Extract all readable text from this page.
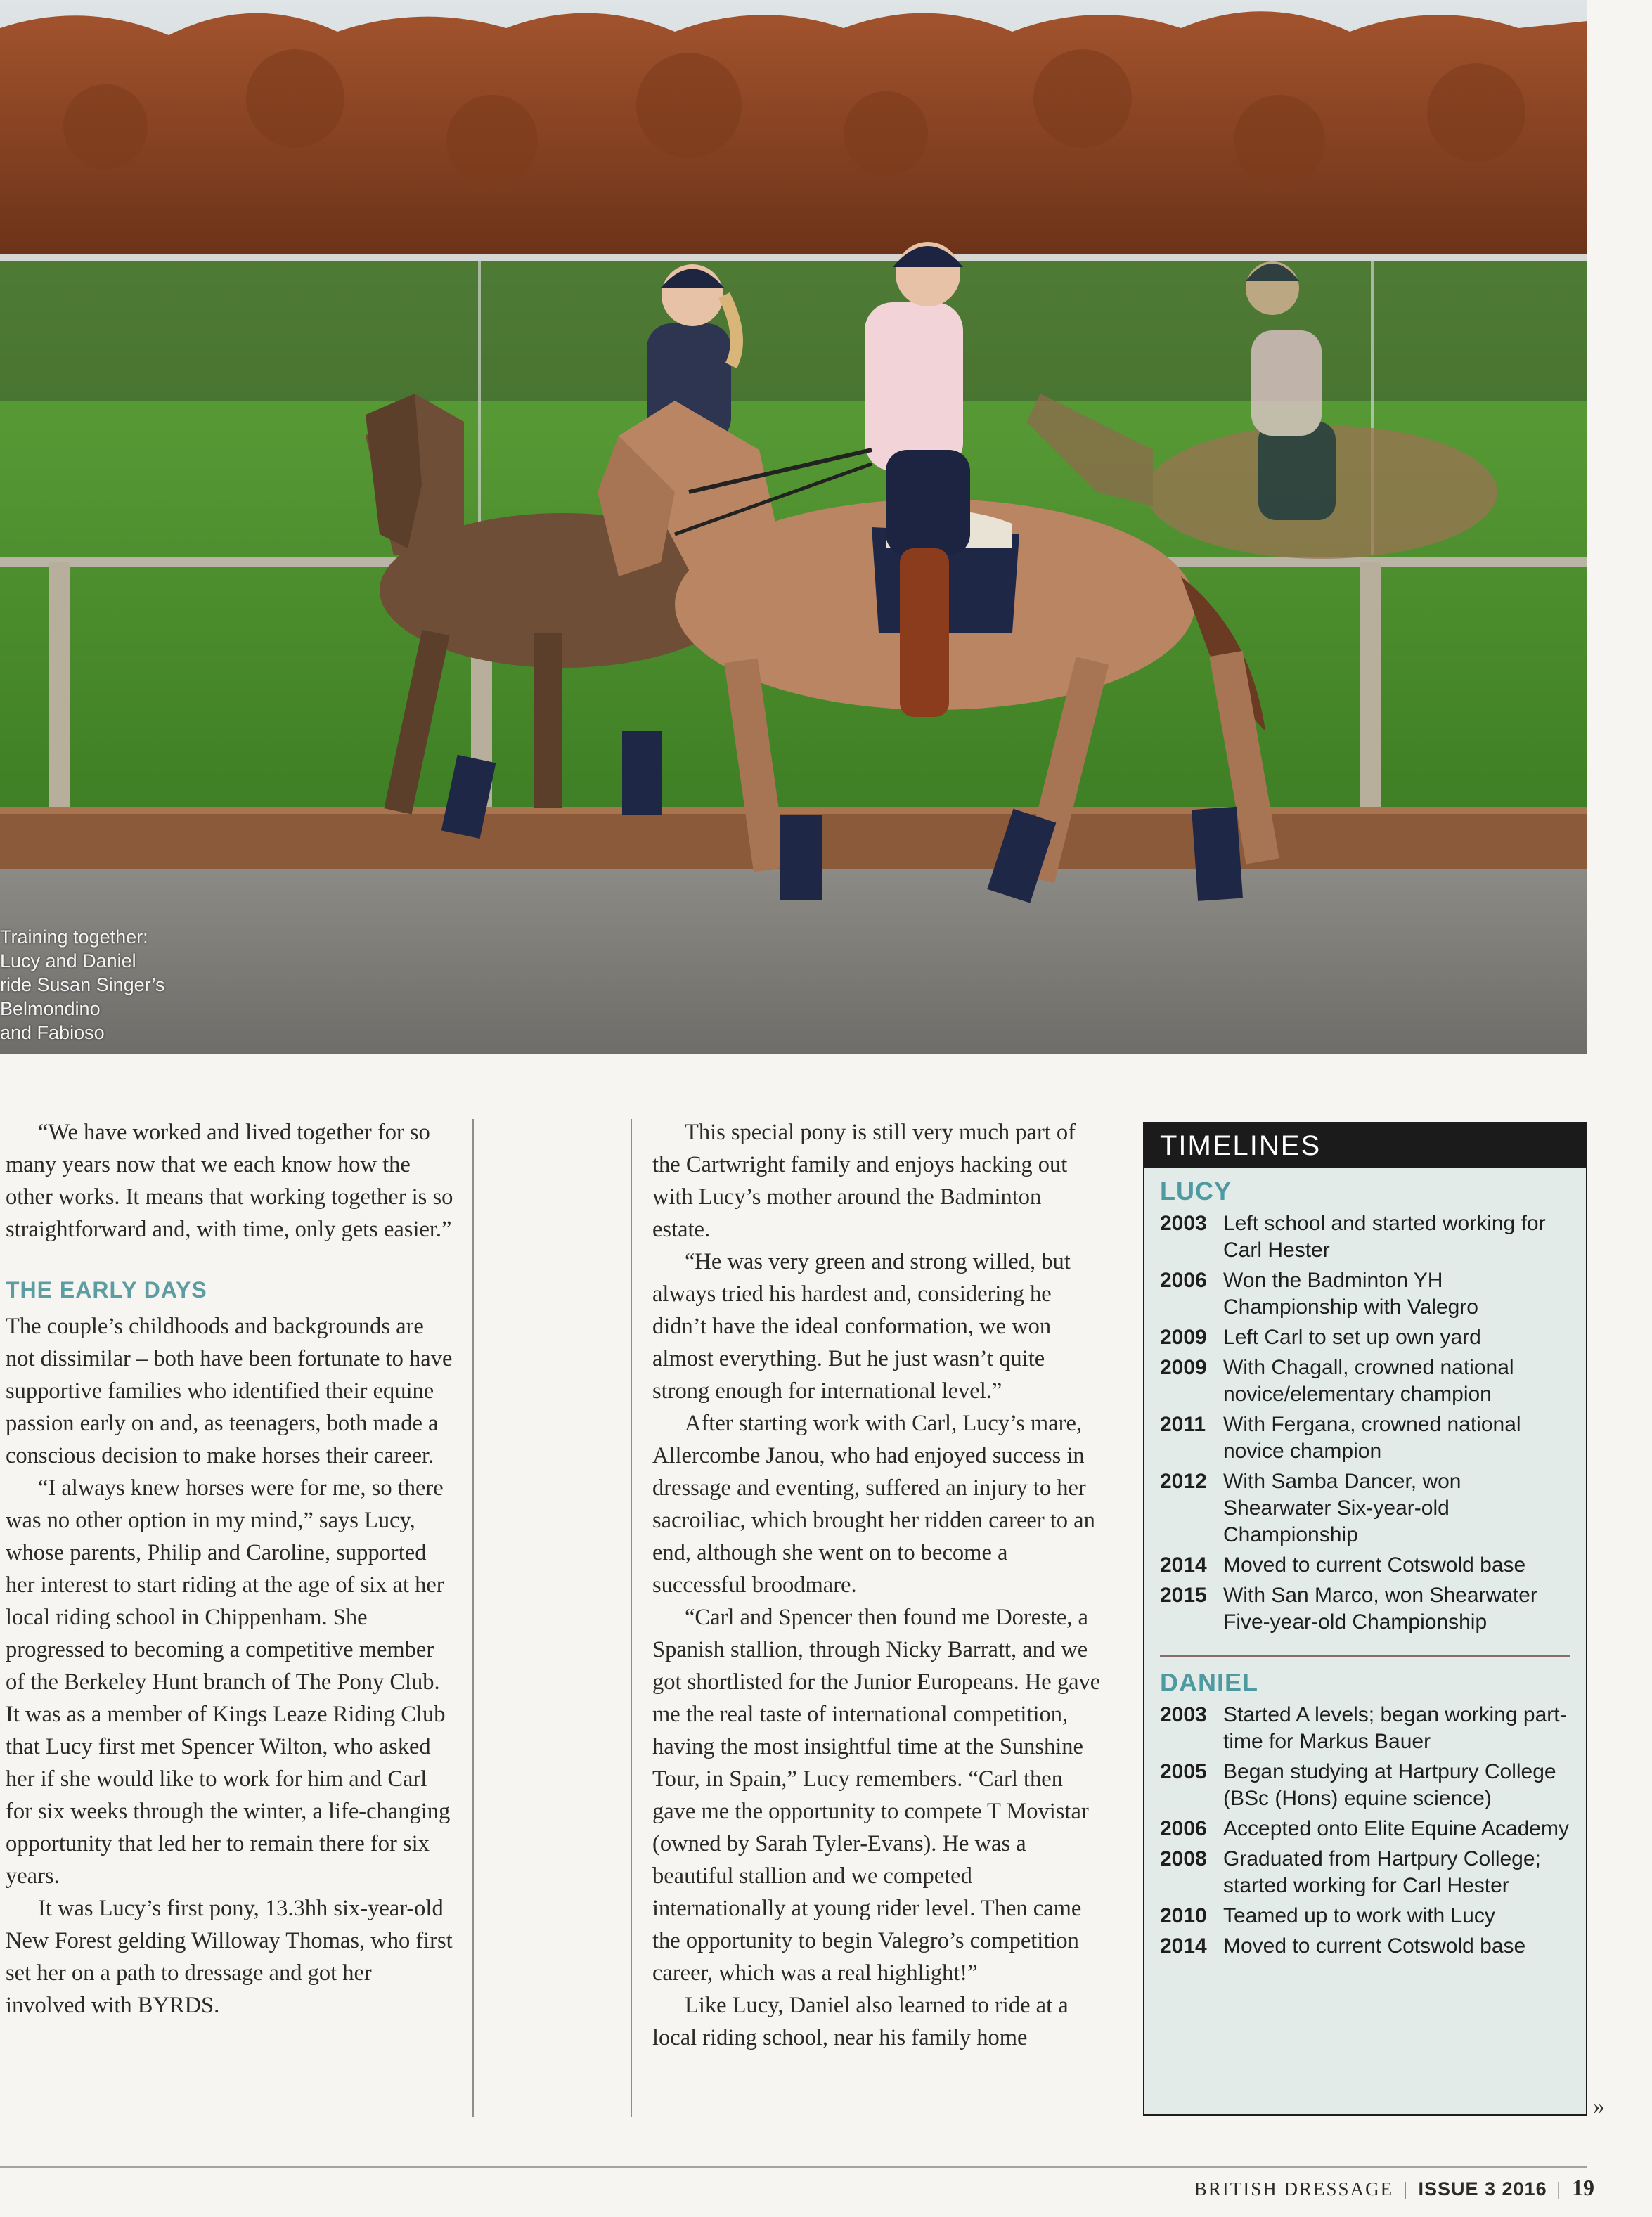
Training together:
Lucy and Daniel
ride Susan Singer’s
Belmondino
and Fabioso

“We have worked and lived together for so many years now that we each know how the other works. It means that working together is so straightforward and, with time, only gets easier.”

THE EARLY DAYS

The couple’s childhoods and backgrounds are not dissimilar – both have been fortunate to have supportive families who identified their equine passion early on and, as teenagers, both made a conscious decision to make horses their career.

“I always knew horses were for me, so there was no other option in my mind,” says Lucy, whose parents, Philip and Caroline, supported her interest to start riding at the age of six at her local riding school in Chippenham. She progressed to becoming a competitive member of the Berkeley Hunt branch of The Pony Club. It was as a member of Kings Leaze Riding Club that Lucy first met Spencer Wilton, who asked her if she would like to work for him and Carl for six weeks through the winter, a life-changing opportunity that led her to remain there for six years.

It was Lucy’s first pony, 13.3hh six-year-old New Forest gelding Willoway Thomas, who first set her on a path to dressage and got her involved with BYRDS.

This special pony is still very much part of the Cartwright family and enjoys hacking out with Lucy’s mother around the Badminton estate.

“He was very green and strong willed, but always tried his hardest and, considering he didn’t have the ideal conformation, we won almost everything. But he just wasn’t quite strong enough for international level.”

After starting work with Carl, Lucy’s mare, Allercombe Janou, who had enjoyed success in dressage and eventing, suffered an injury to her sacroiliac, which brought her ridden career to an end, although she went on to become a successful broodmare.

“Carl and Spencer then found me Doreste, a Spanish stallion, through Nicky Barratt, and we got shortlisted for the Junior Europeans. He gave me the real taste of international competition, having the most insightful time at the Sunshine Tour, in Spain,” Lucy remembers. “Carl then gave me the opportunity to compete T Movistar (owned by Sarah Tyler-Evans). He was a beautiful stallion and we competed internationally at young rider level. Then came the opportunity to begin Valegro’s competition career, which was a real highlight!”

Like Lucy, Daniel also learned to ride at a local riding school, near his family home

TIMELINES
LUCY
2003 Left school and started working for Carl Hester
2006 Won the Badminton YH Championship with Valegro
2009 Left Carl to set up own yard
2009 With Chagall, crowned national novice/elementary champion
2011 With Fergana, crowned national novice champion
2012 With Samba Dancer, won Shearwater Six-year-old Championship
2014 Moved to current Cotswold base
2015 With San Marco, won Shearwater Five-year-old Championship
DANIEL
2003 Started A levels; began working part-time for Markus Bauer
2005 Began studying at Hartpury College (BSc (Hons) equine science)
2006 Accepted onto Elite Equine Academy
2008 Graduated from Hartpury College; started working for Carl Hester
2010 Teamed up to work with Lucy
2014 Moved to current Cotswold base
»
BRITISH DRESSAGE | ISSUE 3 2016 | 19
